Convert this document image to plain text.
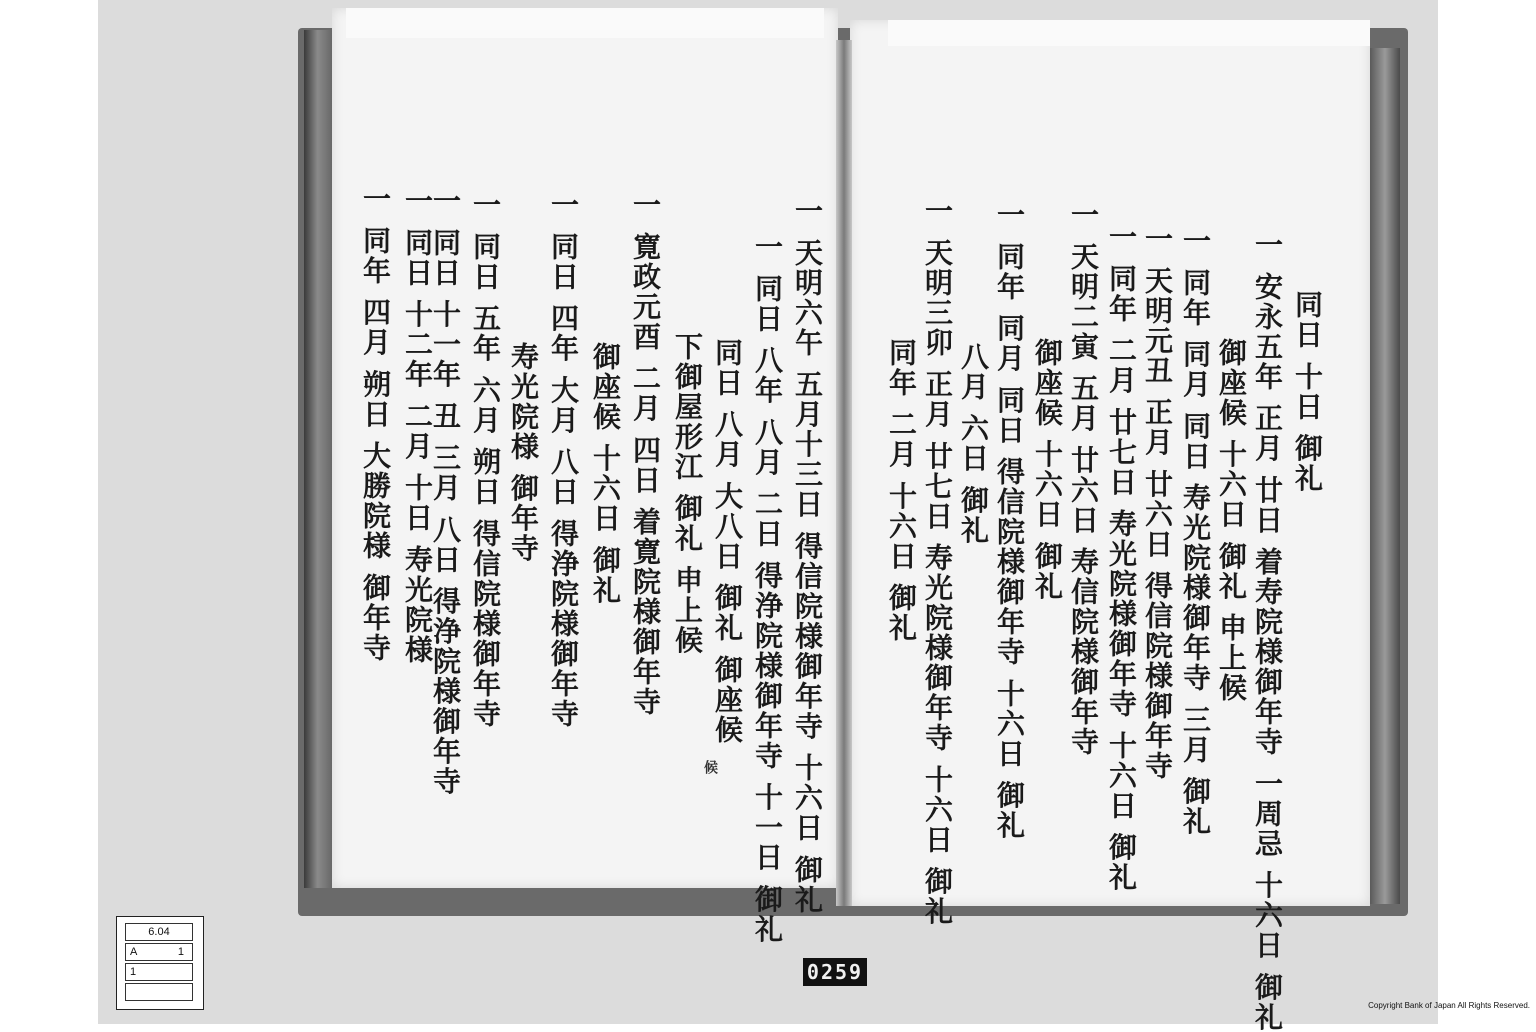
一 天明六午 五月十三日 得信院様御年寺 十六日 御礼
一 同日 八年 八月 二日 得浄院様御年寺 十一日 御礼
　 同日 八月 大八日 御礼 御座候
　 下御屋形江 御礼 申上候
一 寛政元酉 二月 四日 着寛院様御年寺
　 御座候 十六日 御礼
一 同日 四年 大月 八日 得浄院様御年寺
　 寿光院様 御年寺
一 同日 五年 六月 朔日 得信院様御年寺
一 同日 十一年 丑 三月 八日 得浄院様御年寺
一 同日 十二年 二月 十日 寿光院様
一 同年 四月 朔日 大勝院様 御年寺
候
同日 十日 御礼
一 安永五年 正月 廿日 着寿院様御年寺 一周忌 十六日 御礼
　 御座候 十六日 御礼 申上候
一 同年 同月 同日 寿光院様御年寺 三月 御礼
一 天明元丑 正月 廿六日 得信院様御年寺
一 同年 二月 廿七日 寿光院様御年寺 十六日 御礼
一 天明二寅 五月 廿六日 寿信院様御年寺
　 御座候 十六日 御礼
一 同年 同月 同日 得信院様御年寺 十六日 御礼
　 八月 六日 御礼
一 天明三卯 正月 廿七日 寿光院様御年寺 十六日 御礼
　 同年 二月 十六日 御礼
6.04
A	1
1	0259
Copyright Bank of Japan All Rights Reserved.
